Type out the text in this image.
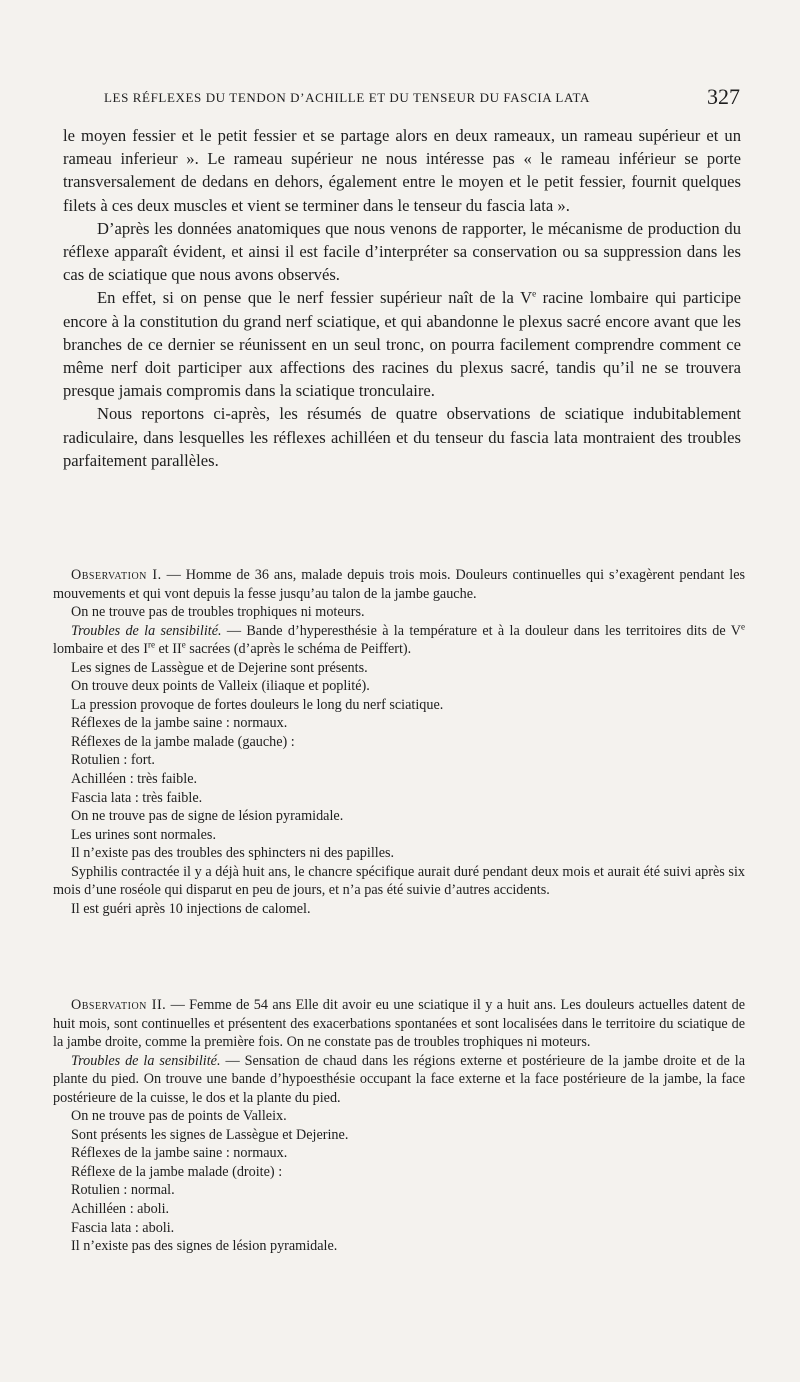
LES RÉFLEXES DU TENDON D’ACHILLE ET DU TENSEUR DU FASCIA LATA	327

le moyen fessier et le petit fessier et se partage alors en deux rameaux, un rameau supérieur et un rameau inferieur ». Le rameau supérieur ne nous intéresse pas « le rameau inférieur se porte transversalement de dedans en dehors, également entre le moyen et le petit fessier, fournit quelques filets à ces deux muscles et vient se terminer dans le tenseur du fascia lata ».

D’après les données anatomiques que nous venons de rapporter, le mécanisme de production du réflexe apparaît évident, et ainsi il est facile d’interpréter sa conservation ou sa suppression dans les cas de sciatique que nous avons observés.

En effet, si on pense que le nerf fessier supérieur naît de la Ve racine lombaire qui participe encore à la constitution du grand nerf sciatique, et qui abandonne le plexus sacré encore avant que les branches de ce dernier se réunissent en un seul tronc, on pourra facilement comprendre comment ce même nerf doit participer aux affections des racines du plexus sacré, tandis qu’il ne se trouvera presque jamais compromis dans la sciatique tronculaire.

Nous reportons ci-après, les résumés de quatre observations de sciatique indubitablement radiculaire, dans lesquelles les réflexes achilléen et du tenseur du fascia lata montraient des troubles parfaitement parallèles.

Observation I. — Homme de 36 ans, malade depuis trois mois. Douleurs continuelles qui s’exagèrent pendant les mouvements et qui vont depuis la fesse jusqu’au talon de la jambe gauche.

On ne trouve pas de troubles trophiques ni moteurs.

Troubles de la sensibilité. — Bande d’hyperesthésie à la température et à la douleur dans les territoires dits de Ve lombaire et des Ire et IIe sacrées (d’après le schéma de Peiffert).

Les signes de Lassègue et de Dejerine sont présents.

On trouve deux points de Valleix (iliaque et poplité).

La pression provoque de fortes douleurs le long du nerf sciatique.

Réflexes de la jambe saine : normaux.

Réflexes de la jambe malade (gauche) :

Rotulien : fort.

Achilléen : très faible.

Fascia lata : très faible.

On ne trouve pas de signe de lésion pyramidale.

Les urines sont normales.

Il n’existe pas des troubles des sphincters ni des papilles.

Syphilis contractée il y a déjà huit ans, le chancre spécifique aurait duré pendant deux mois et aurait été suivi après six mois d’une roséole qui disparut en peu de jours, et n’a pas été suivie d’autres accidents.

Il est guéri après 10 injections de calomel.

Observation II. — Femme de 54 ans Elle dit avoir eu une sciatique il y a huit ans. Les douleurs actuelles datent de huit mois, sont continuelles et présentent des exacerbations spontanées et sont localisées dans le territoire du sciatique de la jambe droite, comme la première fois. On ne constate pas de troubles trophiques ni moteurs.

Troubles de la sensibilité. — Sensation de chaud dans les régions externe et postérieure de la jambe droite et de la plante du pied. On trouve une bande d’hypoesthésie occupant la face externe et la face postérieure de la jambe, la face postérieure de la cuisse, le dos et la plante du pied.

On ne trouve pas de points de Valleix.

Sont présents les signes de Lassègue et Dejerine.

Réflexes de la jambe saine : normaux.

Réflexe de la jambe malade (droite) :

Rotulien : normal.

Achilléen : aboli.

Fascia lata : aboli.

Il n’existe pas des signes de lésion pyramidale.
